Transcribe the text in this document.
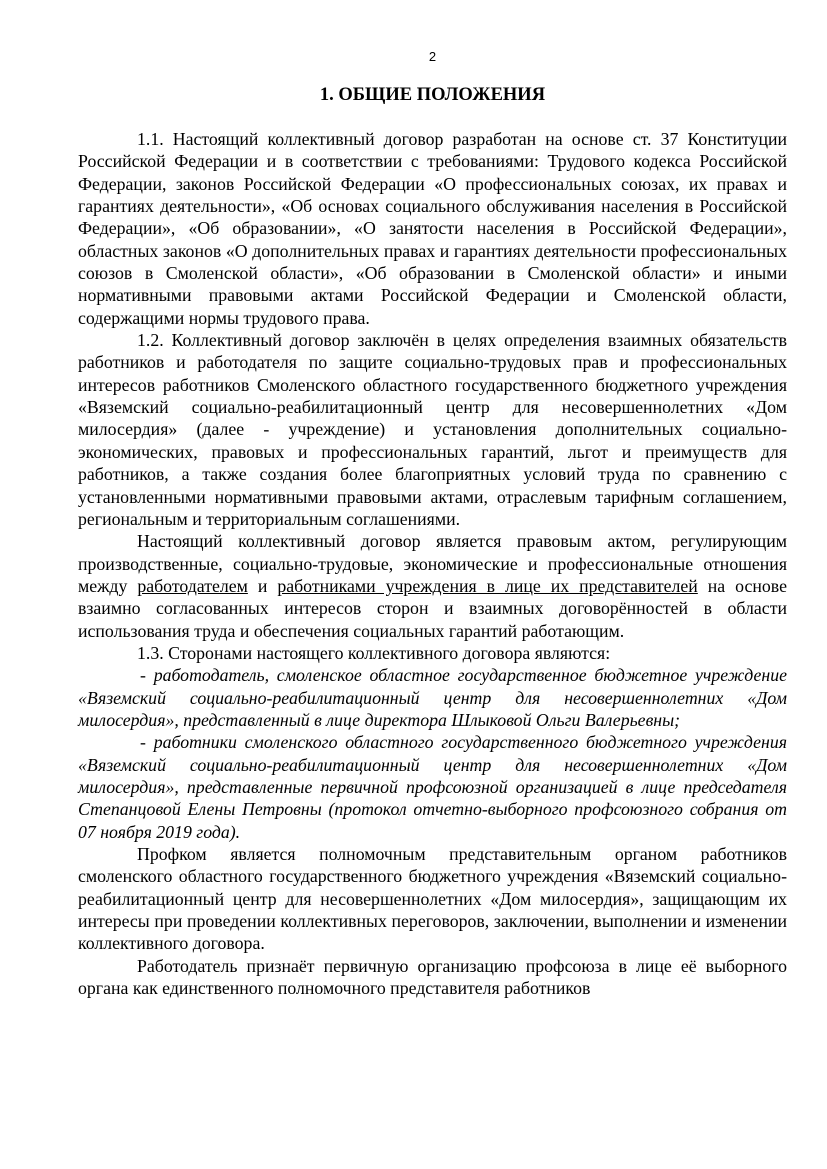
2
1. ОБЩИЕ ПОЛОЖЕНИЯ

1.1. Настоящий коллективный договор разработан на основе ст. 37 Конституции Российской Федерации и в соответствии с требованиями: Трудового кодекса Российской Федерации, законов Российской Федерации «О профессиональных союзах, их правах и гарантиях деятельности», «Об основах социального обслуживания населения в Российской Федерации», «Об образовании», «О занятости населения в Российской Федерации», областных законов «О дополнительных правах и гарантиях деятельности профессиональных союзов в Смоленской области», «Об образовании в Смоленской области» и иными нормативными правовыми актами Российской Федерации и Смоленской области, содержащими нормы трудового права.

1.2. Коллективный договор заключён в целях определения взаимных обязательств работников и работодателя по защите социально-трудовых прав и профессиональных интересов работников Смоленского областного государственного бюджетного учреждения «Вяземский социально-реабилитационный центр для несовершеннолетних «Дом милосердия» (далее - учреждение) и установления дополнительных социально-экономических, правовых и профессиональных гарантий, льгот и преимуществ для работников, а также создания более благоприятных условий труда по сравнению с установленными нормативными правовыми актами, отраслевым тарифным соглашением, региональным и территориальным соглашениями.

Настоящий коллективный договор является правовым актом, регулирующим производственные, социально-трудовые, экономические и профессиональные отношения между работодателем и работниками учреждения в лице их представителей на основе взаимно согласованных интересов сторон и взаимных договорённостей в области использования труда и обеспечения социальных гарантий работающим.

1.3. Сторонами настоящего коллективного договора являются:

- работодатель, смоленское областное государственное бюджетное учреждение «Вяземский социально-реабилитационный центр для несовершеннолетних «Дом милосердия», представленный в лице директора Шлыковой Ольги Валерьевны;

- работники смоленского областного государственного бюджетного учреждения «Вяземский социально-реабилитационный центр для несовершеннолетних «Дом милосердия», представленные первичной профсоюзной организацией в лице председателя Степанцовой Елены Петровны (протокол отчетно-выборного профсоюзного собрания от 07 ноября 2019 года).

Профком является полномочным представительным органом работников смоленского областного государственного бюджетного учреждения «Вяземский социально-реабилитационный центр для несовершеннолетних «Дом милосердия», защищающим их интересы при проведении коллективных переговоров, заключении, выполнении и изменении коллективного договора.

Работодатель признаёт первичную организацию профсоюза в лице её выборного органа как единственного полномочного представителя работников
